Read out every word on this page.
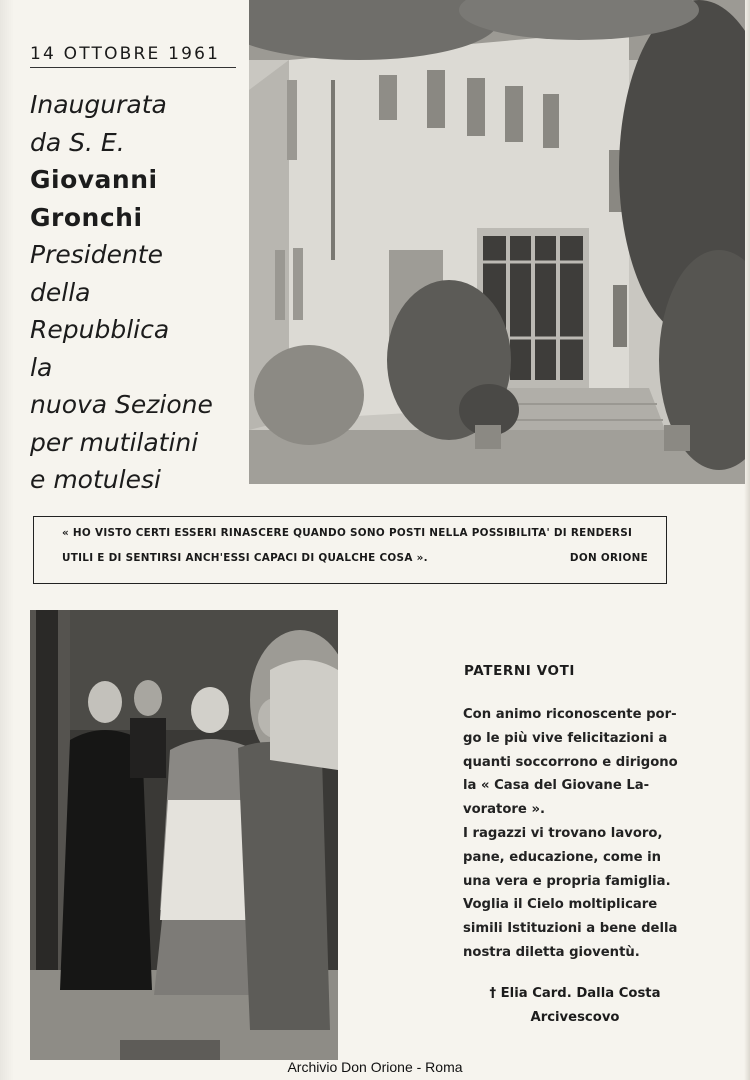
14 OTTOBRE 1961
Inaugurata
da S. E.
Giovanni
Gronchi
Presidente
della
Repubblica
la
nuova Sezione
per mutilatini
e motulesi
« HO VISTO CERTI ESSERI RINASCERE QUANDO SONO POSTI NELLA POSSIBILITA' DI RENDERSI
UTILI E DI SENTIRSI ANCH'ESSI CAPACI DI QUALCHE COSA ».	DON ORIONE
PATERNI VOTI
Con animo riconoscente por-
go le più vive felicitazioni a
quanti soccorrono e dirigono
la « Casa del Giovane La-
voratore ».
I ragazzi vi trovano lavoro,
pane, educazione, come in
una vera e propria famiglia.
Voglia il Cielo moltiplicare
simili Istituzioni a bene della
nostra diletta gioventù.
† Elia Card. Dalla Costa
Arcivescovo
Archivio Don Orione - Roma
